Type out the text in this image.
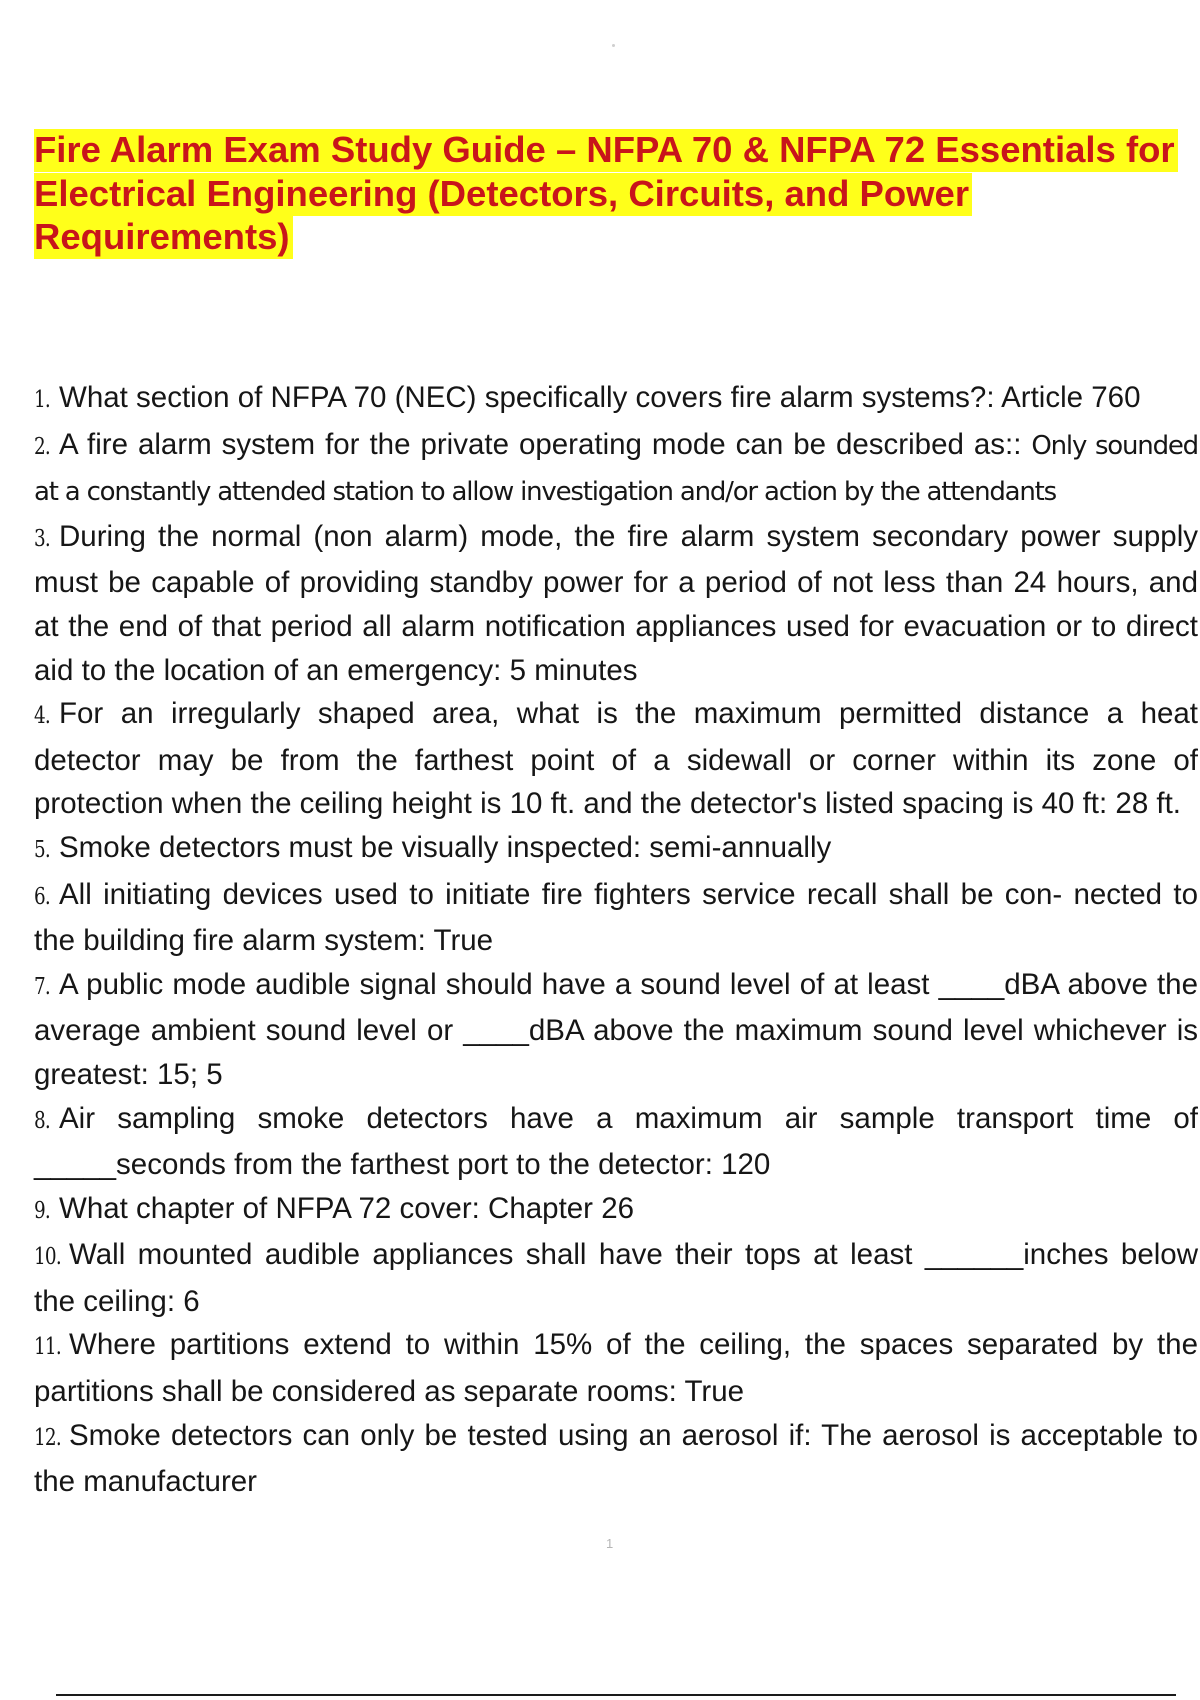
Fire Alarm Exam Study Guide – NFPA 70 & NFPA 72 Essentials for Electrical Engineering (Detectors, Circuits, and Power Requirements)

1. What section of NFPA 70 (NEC) specifically covers fire alarm systems?: Article 760

2. A fire alarm system for the private operating mode can be described as:: Only sounded at a constantly attended station to allow investigation and/or action by the attendants

3. During the normal (non alarm) mode, the fire alarm system secondary power supply must be capable of providing standby power for a period of not less than 24 hours, and at the end of that period all alarm notification appliances used for evacuation or to direct aid to the location of an emergency: 5 minutes

4. For an irregularly shaped area, what is the maximum permitted distance a heat detector may be from the farthest point of a sidewall or corner within its zone of protection when the ceiling height is 10 ft. and the detector's listed spacing is 40 ft: 28 ft.

5. Smoke detectors must be visually inspected: semi-annually

6. All initiating devices used to initiate fire fighters service recall shall be con- nected to the building fire alarm system: True

7. A public mode audible signal should have a sound level of at least ____dBA above the average ambient sound level or ____dBA above the maximum sound level whichever is greatest: 15; 5

8. Air sampling smoke detectors have a maximum air sample transport time of _____seconds from the farthest port to the detector: 120

9. What chapter of NFPA 72 cover: Chapter 26

10. Wall mounted audible appliances shall have their tops at least ______inches below the ceiling: 6

11. Where partitions extend to within 15% of the ceiling, the spaces separated by the partitions shall be considered as separate rooms: True

12. Smoke detectors can only be tested using an aerosol if: The aerosol is acceptable to the manufacturer

1
